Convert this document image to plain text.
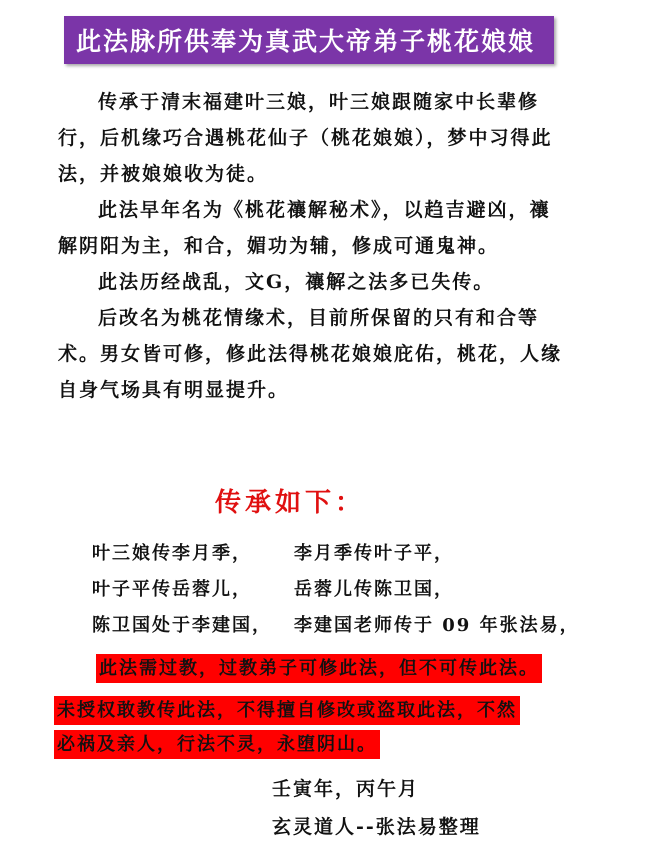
此法脉所供奉为真武大帝弟子桃花娘娘

传承于清末福建叶三娘，叶三娘跟随家中长辈修行，后机缘巧合遇桃花仙子（桃花娘娘），梦中习得此法，并被娘娘收为徒。

此法早年名为《桃花禳解秘术》，以趋吉避凶，禳解阴阳为主，和合，媚功为辅，修成可通鬼神。

此法历经战乱，文G，禳解之法多已失传。

后改名为桃花情缘术，目前所保留的只有和合等术。男女皆可修，修此法得桃花娘娘庇佑，桃花，人缘自身气场具有明显提升。

传承如下：
叶三娘传李月季，	李月季传叶子平，
叶子平传岳蓉儿，	岳蓉儿传陈卫国，
陈卫国处于李建国，	李建国老师传于 09 年张法易，
此法需过教，过教弟子可修此法，但不可传此法。
未授权敢教传此法，不得擅自修改或盗取此法，不然
必祸及亲人，行法不灵，永堕阴山。
壬寅年，丙午月
玄灵道人--张法易整理
